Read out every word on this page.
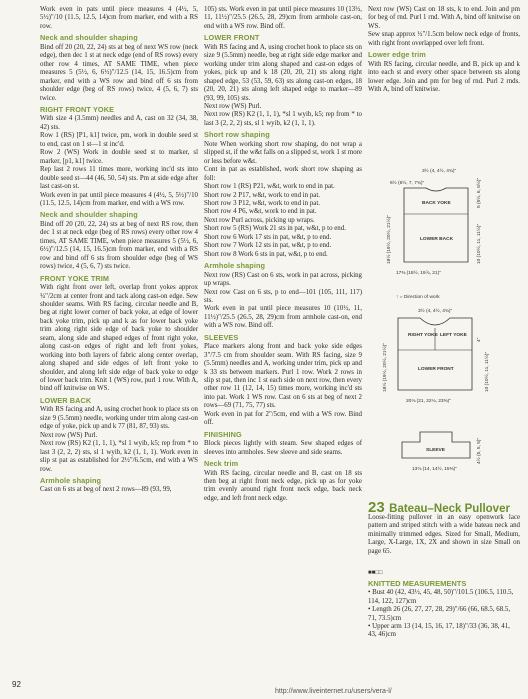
Work even in pats until piece measures 4 (4½, 5, 5½)"/10 (11.5, 12.5, 14)cm from marker, end with a RS row.
Neck and shoulder shaping
Bind off 20 (20, 22, 24) sts at beg of next WS row (neck edge), then dec 1 st at neck edge (end of RS rows) every other row 4 times, AT SAME TIME, when piece measures 5 (5½, 6, 6½)"/12.5 (14, 15, 16.5)cm from marker, end with a WS row and bind off 6 sts from shoulder edge (beg of RS rows) twice, 4 (5, 6, 7) sts twice.
RIGHT FRONT YOKE
With size 4 (3.5mm) needles and A, cast on 32 (34, 38, 42) sts.
Row 1 (RS) [P1, k1] twice, pm, work in double seed st to end, cast on 1 st—1 st inc'd.
Row 2 (WS) Work in double seed st to marker, sl marker, [p1, k1] twice.
Rep last 2 rows 11 times more, working inc'd sts into double seed st—44 (46, 50, 54) sts. Pm at side edge after last cast-on st.
Work even in pat until piece measures 4 (4½, 5, 5½)"/10 (11.5, 12.5, 14)cm from marker, end with a WS row.
Neck and shoulder shaping
Bind off 20 (20, 22, 24) sts at beg of next RS row, then dec 1 st at neck edge (beg of RS rows) every other row 4 times, AT SAME TIME, when piece measures 5 (5½, 6, 6½)"/12.5 (14, 15, 16.5)cm from marker, end with a RS row and bind off 6 sts from shoulder edge (beg of WS rows) twice, 4 (5, 6, 7) sts twice.
FRONT YOKE TRIM
With right front over left, overlap front yokes approx ¾"/2cm at center front and tack along cast-on edge. Sew shoulder seams. With RS facing, circular needle and B, beg at right lower corner of back yoke, at edge of lower back yoke trim, pick up and k as for lower back yoke trim along right side edge of back yoke to shoulder seam, along side and shaped edges of front right yoke, along cast-on edges of right and left front yokes, working into both layers of fabric along center overlap, along shaped and side edges of left front yoke to shoulder, and along left side edge of back yoke to edge of lower back trim. Knit 1 (WS) row, purl 1 row. With A, bind off knitwise on WS.
LOWER BACK
With RS facing and A, using crochet hook to place sts on size 9 (5.5mm) needle, working under trim along cast-on edge of yoke, pick up and k 77 (81, 87, 93) sts.
Next row (WS) Purl.
Next row (RS) K2 (1, 1, 1), *sl 1 wyib, k5; rep from * to last 3 (2, 2, 2) sts, sl 1 wyib, k2 (1, 1, 1). Work even in slip st pat as established for 2½"/6.5cm, end with a WS row.
Armhole shaping
Cast on 6 sts at beg of next 2 rows—89 (93, 99,
105) sts. Work even in pat until piece measures 10 (13½, 11, 11½)"/25.5 (26.5, 28, 29)cm from armhole cast-on, end with a WS row. Bind off.
LOWER FRONT
With RS facing and A, using crochet hook to place sts on size 9 (5.5mm) needle, beg at right side edge marker and working under trim along shaped and cast-on edges of yokes, pick up and k 18 (20, 20, 21) sts along right shaped edge, 53 (53, 59, 63) sts along cast-on edges, 18 (20, 20, 21) sts along left shaped edge to marker—89 (93, 99, 105) sts.
Next row (WS) Purl.
Next row (RS) K2 (1, 1, 1), *sl 1 wyib, k5; rep from * to last 3 (2, 2, 2) sts, sl 1 wyib, k2 (1, 1, 1).
Short row shaping
Note When working short row shaping, do not wrap a slipped st, if the w&t falls on a slipped st, work 1 st more or less before w&t.
Cont in pat as established, work short row shaping as foll:
Short row 1 (RS) P21, w&t, work to end in pat.
Short row 2 P17, w&t, work to end in pat.
Short row 3 P12, w&t, work to end in pat.
Short row 4 P6, w&t, work to end in pat.
Next row Purl across, picking up wraps.
Short row 5 (RS) Work 21 sts in pat, w&t, p to end.
Short row 6 Work 17 sts in pat, w&t, p to end.
Short row 7 Work 12 sts in pat, w&t, p to end.
Short row 8 Work 6 sts in pat, w&t, p to end.
Armhole shaping
Next row (RS) Cast on 6 sts, work in pat across, picking up wraps.
Next row Cast on 6 sts, p to end—101 (105, 111, 117) sts.
Work even in pat until piece measures 10 (10½, 11, 11½)"/25.5 (26.5, 28, 29)cm from armhole cast-on, end with a WS row. Bind off.
SLEEVES
Place markers along front and back yoke side edges 3"/7.5 cm from shoulder seam. With RS facing, size 9 (5.5mm) needles and A, working under trim, pick up and k 33 sts between markers. Purl 1 row. Work 2 rows in slip st pat, then inc 1 st each side on next row, then every other row 11 (12, 14, 15) times more, working inc'd sts into pat. Work 1 WS row. Cast on 6 sts at beg of next 2 rows—69 (71, 75, 77) sts.
Work even in pat for 2"/5cm, end with a WS row. Bind off.
FINISHING
Block pieces lightly with steam. Sew shaped edges of sleeves into armholes. Sew sleeve and side seams.
Neck trim
With RS facing, circular needle and B, cast on 18 sts then beg at right front neck edge, pick up as for yoke trim evenly around right front neck edge, back neck edge, and left front neck edge.
Next row (WS) Cast on 18 sts, k to end. Join and pm for beg of rnd. Purl 1 rnd. With A, bind off knitwise on WS.
Sew snap approx ½"/1.5cm below neck edge of fronts, with right front overlapped over left front.
Lower edge trim
With RS facing, circular needle, and B, pick up and k into each st and every other space between sts along lower edge. Join and pm for beg of rnd. Purl 2 rnds. With A, bind off knitwise.
3½ (4, 4½, 4¾)"
6½ (6½, 7, 7¾)"
BACK YOKE
LOWER BACK
17⅜ (18½, 19⅞, 21)"
18½ (19½, 20½, 21½)"
5 (5½, 6, 6½)"
10 (10½, 11, 11½)"
↑ = Direction of work
3½ (4, 4½, 4¾)"
RIGHT YOKE LEFT YOKE
LOWER FRONT
20⅛ (21, 22⅛, 23⅜)"
18½ (19½, 20½, 21½)"
4"
10 (10½, 11, 11½)"
SLEEVE
13⅛ (14, 14½, 15⅜)"
4½ (5, 5, 5)"
23 Bateau–Neck Pullover
Loose-fitting pullover in an easy openwork lace pattern and striped stitch with a wide bateau neck and minimally trimmed edges. Sized for Small, Medium, Large, X-Large, 1X, 2X and shown in size Small on page 65.
■■□□
KNITTED MEASUREMENTS
• Bust 40 (42, 43½, 45, 48, 50)"/101.5 (106.5, 110.5, 114, 122, 127)cm
• Length 26 (26, 27, 27, 28, 29)"/66 (66, 68.5, 68.5, 71, 73.5)cm
• Upper arm 13 (14, 15, 16, 17, 18)"/33 (36, 38, 41, 43, 46)cm
92
http://www.liveinternet.ru/users/vera-l/
